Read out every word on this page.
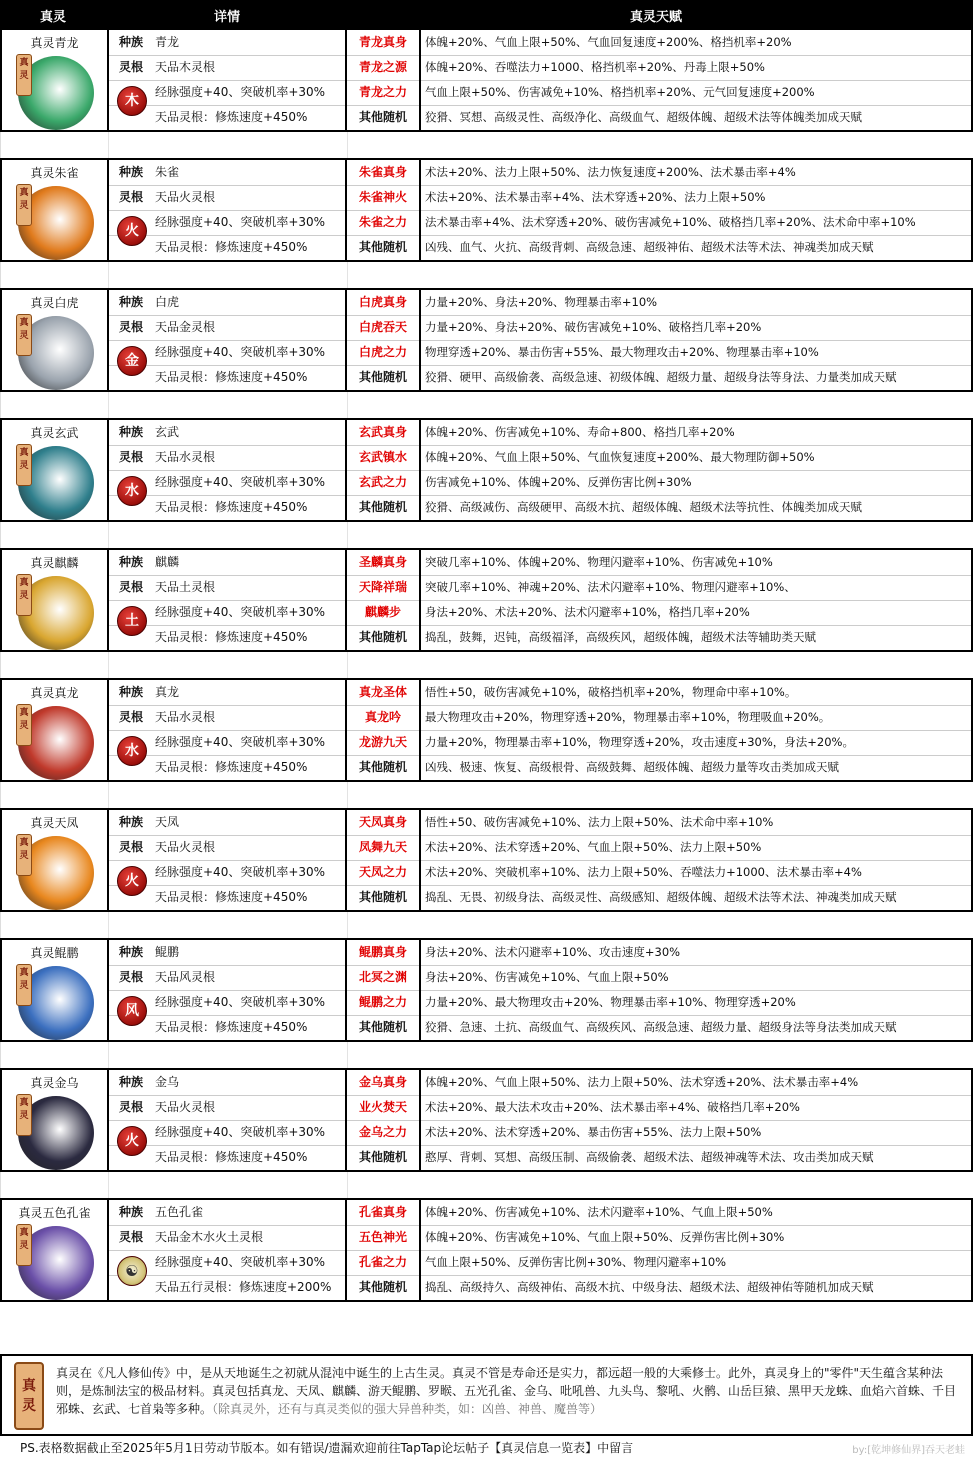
真灵	详情	真灵天赋
真灵青龙
真
灵
种族	青龙
灵根	天品木灵根
经脉强度+40、突破机率+30%
天品灵根：修炼速度+450%
木
青龙真身	体魄+20%、气血上限+50%、气血回复速度+200%、格挡机率+20%
青龙之源	体魄+20%、吞噬法力+1000、格挡机率+20%、丹毒上限+50%
青龙之力	气血上限+50%、伤害减免+10%、格挡机率+20%、元气回复速度+200%
其他随机	狡猾、冥想、高级灵性、高级净化、高级血气、超级体魄、超级术法等体魄类加成天赋
真灵朱雀
真
灵
种族	朱雀
灵根	天品火灵根
经脉强度+40、突破机率+30%
天品灵根：修炼速度+450%
火
朱雀真身	术法+20%、法力上限+50%、法力恢复速度+200%、法术暴击率+4%
朱雀神火	术法+20%、法术暴击率+4%、法术穿透+20%、法力上限+50%
朱雀之力	法术暴击率+4%、法术穿透+20%、破伤害减免+10%、破格挡几率+20%、法术命中率+10%
其他随机	凶残、血气、火抗、高级背刺、高级急速、超级神佑、超级术法等术法、神魂类加成天赋
真灵白虎
真
灵
种族	白虎
灵根	天品金灵根
经脉强度+40、突破机率+30%
天品灵根：修炼速度+450%
金
白虎真身	力量+20%、身法+20%、物理暴击率+10%
白虎吞天	力量+20%、身法+20%、破伤害减免+10%、破格挡几率+20%
白虎之力	物理穿透+20%、暴击伤害+55%、最大物理攻击+20%、物理暴击率+10%
其他随机	狡猾、硬甲、高级偷袭、高级急速、初级体魄、超级力量、超级身法等身法、力量类加成天赋
真灵玄武
真
灵
种族	玄武
灵根	天品水灵根
经脉强度+40、突破机率+30%
天品灵根：修炼速度+450%
水
玄武真身	体魄+20%、伤害减免+10%、寿命+800、格挡几率+20%
玄武镇水	体魄+20%、气血上限+50%、气血恢复速度+200%、最大物理防御+50%
玄武之力	伤害减免+10%、体魄+20%、反弹伤害比例+30%
其他随机	狡猾、高级减伤、高级硬甲、高级木抗、超级体魄、超级术法等抗性、体魄类加成天赋
真灵麒麟
真
灵
种族	麒麟
灵根	天品土灵根
经脉强度+40、突破机率+30%
天品灵根：修炼速度+450%
土
圣麟真身	突破几率+10%、体魄+20%、物理闪避率+10%、伤害减免+10%
天降祥瑞	突破几率+10%、神魂+20%、法术闪避率+10%、物理闪避率+10%、
麒麟步	身法+20%、术法+20%、法术闪避率+10%，格挡几率+20%
其他随机	捣乱，鼓舞，迟钝，高级福泽，高级疾风，超级体魄，超级术法等辅助类天赋
真灵真龙
真
灵
种族	真龙
灵根	天品水灵根
经脉强度+40、突破机率+30%
天品灵根：修炼速度+450%
水
真龙圣体	悟性+50，破伤害减免+10%，破格挡机率+20%，物理命中率+10%。
真龙吟	最大物理攻击+20%，物理穿透+20%，物理暴击率+10%，物理吸血+20%。
龙游九天	力量+20%，物理暴击率+10%，物理穿透+20%，攻击速度+30%，身法+20%。
其他随机	凶残、极速、恢复、高级根骨、高级鼓舞、超级体魄、超级力量等攻击类加成天赋
真灵天凤
真
灵
种族	天凤
灵根	天品火灵根
经脉强度+40、突破机率+30%
天品灵根：修炼速度+450%
火
天凤真身	悟性+50、破伤害减免+10%、法力上限+50%、法术命中率+10%
凤舞九天	术法+20%、法术穿透+20%、气血上限+50%、法力上限+50%
天凤之力	术法+20%、突破机率+10%、法力上限+50%、吞噬法力+1000、法术暴击率+4%
其他随机	捣乱、无畏、初级身法、高级灵性、高级感知、超级体魄、超级术法等术法、神魂类加成天赋
真灵鲲鹏
真
灵
种族	鲲鹏
灵根	天品风灵根
经脉强度+40、突破机率+30%
天品灵根：修炼速度+450%
风
鲲鹏真身	身法+20%、法术闪避率+10%、攻击速度+30%
北冥之渊	身法+20%、伤害减免+10%、气血上限+50%
鲲鹏之力	力量+20%、最大物理攻击+20%、物理暴击率+10%、物理穿透+20%
其他随机	狡猾、急速、土抗、高级血气、高级疾风、高级急速、超级力量、超级身法等身法类加成天赋
真灵金乌
真
灵
种族	金乌
灵根	天品火灵根
经脉强度+40、突破机率+30%
天品灵根：修炼速度+450%
火
金乌真身	体魄+20%、气血上限+50%、法力上限+50%、法术穿透+20%、法术暴击率+4%
业火焚天	术法+20%、最大法术攻击+20%、法术暴击率+4%、破格挡几率+20%
金乌之力	术法+20%、法术穿透+20%、暴击伤害+55%、法力上限+50%
其他随机	憨厚、背刺、冥想、高级压制、高级偷袭、超级术法、超级神魂等术法、攻击类加成天赋
真灵五色孔雀
真
灵
种族	五色孔雀
灵根	天品金木水火土灵根
经脉强度+40、突破机率+30%
天品五行灵根：修炼速度+200%
☯
孔雀真身	体魄+20%、伤害减免+10%、法术闪避率+10%、气血上限+50%
五色神光	体魄+20%、伤害减免+10%、气血上限+50%、反弹伤害比例+30%
孔雀之力	气血上限+50%、反弹伤害比例+30%、物理闪避率+10%
其他随机	捣乱、高级持久、高级神佑、高级木抗、中级身法、超级术法、超级神佑等随机加成天赋
真
灵
真灵在《凡人修仙传》中，是从天地诞生之初就从混沌中诞生的上古生灵。真灵不管是寿命还是实力，都远超一般的大乘修士。此外，真灵身上的"零件"天生蕴含某种法则，是炼制法宝的极品材料。真灵包括真龙、天凤、麒麟、游天鲲鹏、罗睺、五光孔雀、金乌、吡吼兽、九头鸟、黎吼、火鹘、山岳巨猿、黑甲天龙蛛、血焰六首蛛、千目邪蛛、玄武、七首枭等多种。（除真灵外，还有与真灵类似的强大异兽种类，如：凶兽、神兽、魔兽等）
PS.表格数据截止至2025年5月1日劳动节版本。如有错误/遗漏欢迎前往TapTap论坛帖子【真灵信息一览表】中留言	by:[乾坤修仙界]吞天老蛙
